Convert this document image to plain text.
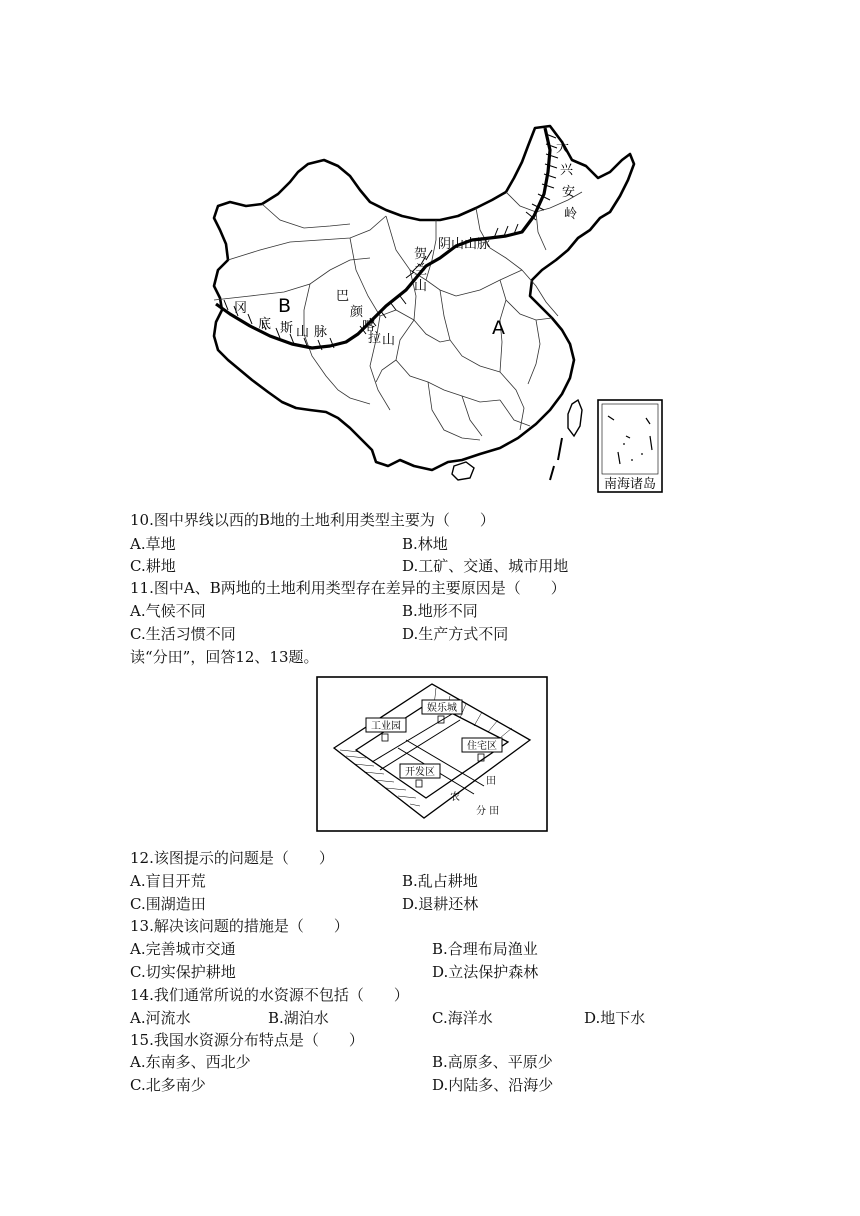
南海诸岛
大
兴
安
岭
阴山山脉
贺
兰
山
巴
颜
喀
拉 山
冈
底 斯 山 脉
B
A
10.图中界线以西的B地的土地利用类型主要为（　　）
A.草地	B.林地
C.耕地	D.工矿、交通、城市用地
11.图中A、B两地的土地利用类型存在差异的主要原因是（　　）
A.气候不同	B.地形不同
C.生活习惯不同	D.生产方式不同
读“分田”，回答12、13题。
娱乐城
工业园
住宅区
开发区
田
农
分 田
12.该图提示的问题是（　　）
A.盲目开荒	B.乱占耕地
C.围湖造田	D.退耕还林
13.解决该问题的措施是（　　）
A.完善城市交通	B.合理布局渔业
C.切实保护耕地	D.立法保护森林
14.我们通常所说的水资源不包括（　　）
A.河流水	B.湖泊水	C.海洋水	D.地下水
15.我国水资源分布特点是（　　）
A.东南多、西北少	B.高原多、平原少
C.北多南少	D.内陆多、沿海少
